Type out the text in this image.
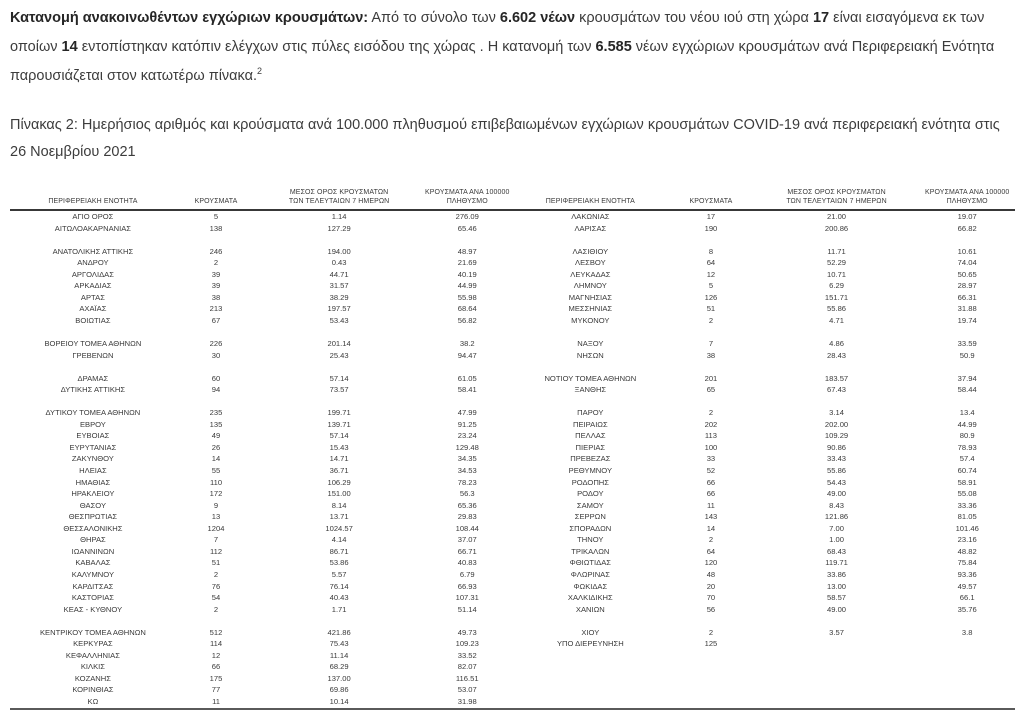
Κατανομή ανακοινωθέντων εγχώριων κρουσμάτων: Από το σύνολο των 6.602 νέων κρουσμάτων του νέου ιού στη χώρα 17 είναι εισαγόμενα εκ των οποίων 14 εντοπίστηκαν κατόπιν ελέγχων στις πύλες εισόδου της χώρας . Η κατανομή των 6.585 νέων εγχώριων κρουσμάτων ανά Περιφερειακή Ενότητα παρουσιάζεται στον κατωτέρω πίνακα.$^2$

Πίνακας 2: Ημερήσιος αριθμός και κρούσματα ανά 100.000 πληθυσμού επιβεβαιωμένων εγχώριων κρουσμάτων COVID-19 ανά περιφερειακή ενότητα στις 26 Νοεμβρίου 2021

ΠΕΡΙΦΕΡΕΙΑΚΗ ΕΝΟΤΗΤΑ	ΚΡΟΥΣΜΑΤΑ
ΜΕΣΟΣ ΟΡΟΣ ΚΡΟΥΣΜΑΤΩΝ
ΤΩΝ ΤΕΛΕΥΤΑΙΩΝ 7 ΗΜΕΡΩΝ
ΚΡΟΥΣΜΑΤΑ ΑΝΑ 100000
ΠΛΗΘΥΣΜΟ	ΠΕΡΙΦΕΡΕΙΑΚΗ ΕΝΟΤΗΤΑ	ΚΡΟΥΣΜΑΤΑ
ΜΕΣΟΣ ΟΡΟΣ ΚΡΟΥΣΜΑΤΩΝ
ΤΩΝ ΤΕΛΕΥΤΑΙΩΝ 7 ΗΜΕΡΩΝ
ΚΡΟΥΣΜΑΤΑ ΑΝΑ 100000
ΠΛΗΘΥΣΜΟ
ΑΓΙΟ ΟΡΟΣ	5	1.14	276.09	ΛΑΚΩΝΙΑΣ	17	21.00	19.07
ΑΙΤΩΛΟΑΚΑΡΝΑΝΙΑΣ	138	127.29	65.46	ΛΑΡΙΣΑΣ	190	200.86	66.82
ΑΝΑΤΟΛΙΚΗΣ ΑΤΤΙΚΗΣ	246	194.00	48.97	ΛΑΣΙΘΙΟΥ	8	11.71	10.61
ΑΝΔΡΟΥ	2	0.43	21.69	ΛΕΣΒΟΥ	64	52.29	74.04
ΑΡΓΟΛΙΔΑΣ	39	44.71	40.19	ΛΕΥΚΑΔΑΣ	12	10.71	50.65
ΑΡΚΑΔΙΑΣ	39	31.57	44.99	ΛΗΜΝΟΥ	5	6.29	28.97
ΑΡΤΑΣ	38	38.29	55.98	ΜΑΓΝΗΣΙΑΣ	126	151.71	66.31
ΑΧΑΪΑΣ	213	197.57	68.64	ΜΕΣΣΗΝΙΑΣ	51	55.86	31.88
ΒΟΙΩΤΙΑΣ	67	53.43	56.82	ΜΥΚΟΝΟΥ	2	4.71	19.74
ΒΟΡΕΙΟΥ ΤΟΜΕΑ ΑΘΗΝΩΝ	226	201.14	38.2	ΝΑΞΟΥ	7	4.86	33.59
ΓΡΕΒΕΝΩΝ	30	25.43	94.47	ΝΗΣΩΝ	38	28.43	50.9
ΔΡΑΜΑΣ	60	57.14	61.05	ΝΟΤΙΟΥ ΤΟΜΕΑ ΑΘΗΝΩΝ	201	183.57	37.94
ΔΥΤΙΚΗΣ ΑΤΤΙΚΗΣ	94	73.57	58.41	ΞΑΝΘΗΣ	65	67.43	58.44
ΔΥΤΙΚΟΥ ΤΟΜΕΑ ΑΘΗΝΩΝ	235	199.71	47.99	ΠΑΡΟΥ	2	3.14	13.4
ΕΒΡΟΥ	135	139.71	91.25	ΠΕΙΡΑΙΩΣ	202	202.00	44.99
ΕΥΒΟΙΑΣ	49	57.14	23.24	ΠΕΛΛΑΣ	113	109.29	80.9
ΕΥΡΥΤΑΝΙΑΣ	26	15.43	129.48	ΠΙΕΡΙΑΣ	100	90.86	78.93
ΖΑΚΥΝΘΟΥ	14	14.71	34.35	ΠΡΕΒΕΖΑΣ	33	33.43	57.4
ΗΛΕΙΑΣ	55	36.71	34.53	ΡΕΘΥΜΝΟΥ	52	55.86	60.74
ΗΜΑΘΙΑΣ	110	106.29	78.23	ΡΟΔΟΠΗΣ	66	54.43	58.91
ΗΡΑΚΛΕΙΟΥ	172	151.00	56.3	ΡΟΔΟΥ	66	49.00	55.08
ΘΑΣΟΥ	9	8.14	65.36	ΣΑΜΟΥ	11	8.43	33.36
ΘΕΣΠΡΩΤΙΑΣ	13	13.71	29.83	ΣΕΡΡΩΝ	143	121.86	81.05
ΘΕΣΣΑΛΟΝΙΚΗΣ	1204	1024.57	108.44	ΣΠΟΡΑΔΩΝ	14	7.00	101.46
ΘΗΡΑΣ	7	4.14	37.07	ΤΗΝΟΥ	2	1.00	23.16
ΙΩΑΝΝΙΝΩΝ	112	86.71	66.71	ΤΡΙΚΑΛΩΝ	64	68.43	48.82
ΚΑΒΑΛΑΣ	51	53.86	40.83	ΦΘΙΩΤΙΔΑΣ	120	119.71	75.84
ΚΑΛΥΜΝΟΥ	2	5.57	6.79	ΦΛΩΡΙΝΑΣ	48	33.86	93.36
ΚΑΡΔΙΤΣΑΣ	76	76.14	66.93	ΦΩΚΙΔΑΣ	20	13.00	49.57
ΚΑΣΤΟΡΙΑΣ	54	40.43	107.31	ΧΑΛΚΙΔΙΚΗΣ	70	58.57	66.1
ΚΕΑΣ - ΚΥΘΝΟΥ	2	1.71	51.14	ΧΑΝΙΩΝ	56	49.00	35.76
ΚΕΝΤΡΙΚΟΥ ΤΟΜΕΑ ΑΘΗΝΩΝ	512	421.86	49.73	ΧΙΟΥ	2	3.57	3.8
ΚΕΡΚΥΡΑΣ	114	75.43	109.23	ΥΠΟ ΔΙΕΡΕΥΝΗΣΗ	125
ΚΕΦΑΛΛΗΝΙΑΣ	12	11.14	33.52
ΚΙΛΚΙΣ	66	68.29	82.07
ΚΟΖΑΝΗΣ	175	137.00	116.51
ΚΟΡΙΝΘΙΑΣ	77	69.86	53.07
ΚΩ	11	10.14	31.98
